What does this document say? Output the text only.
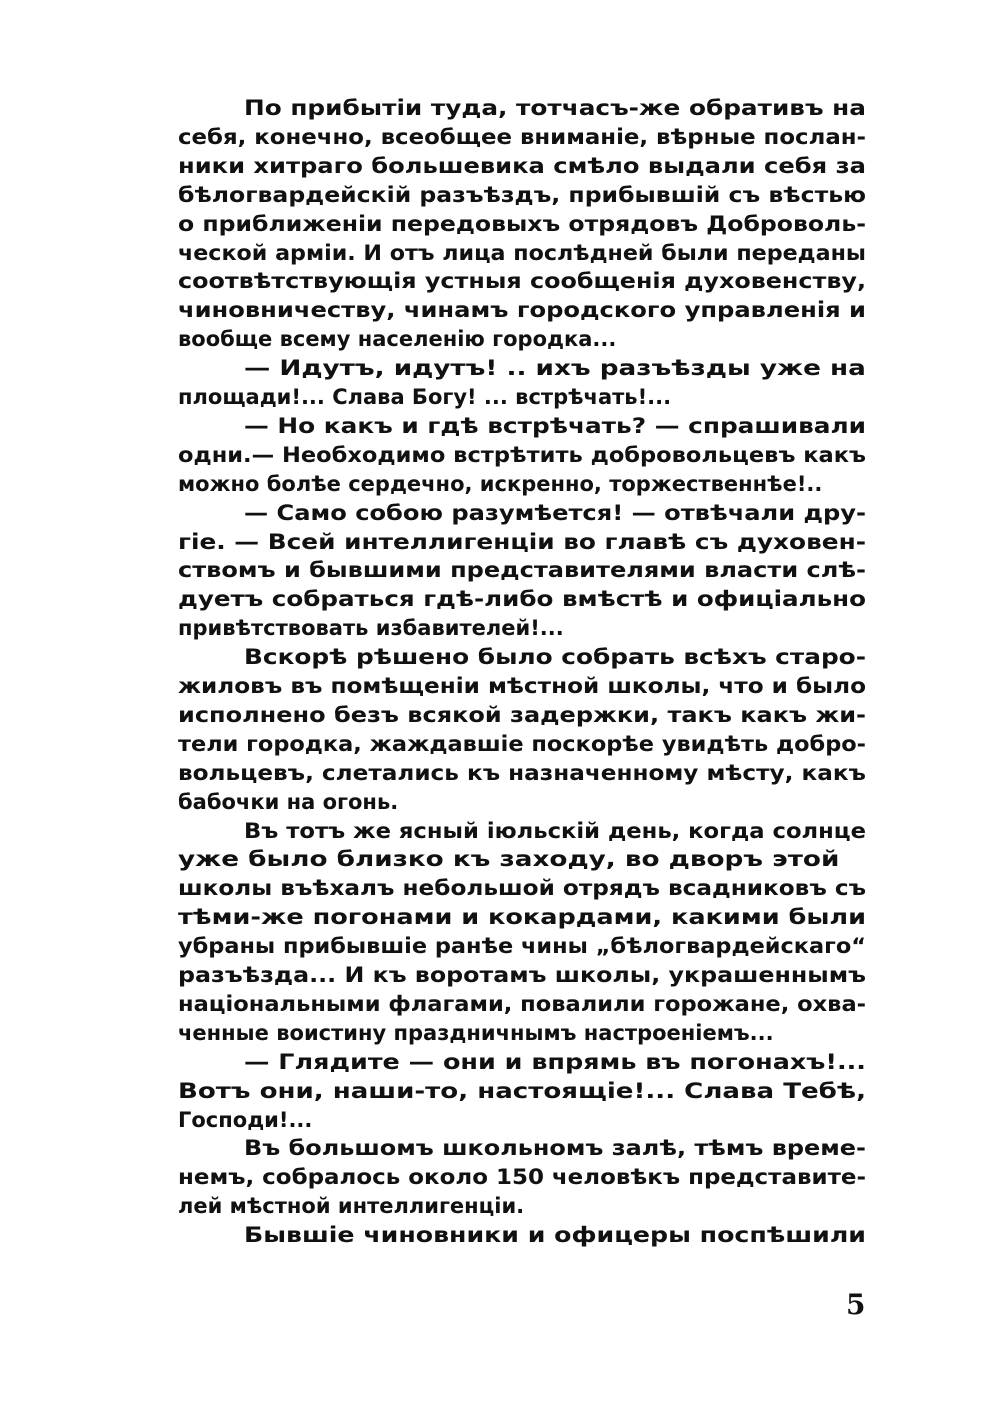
По прибытіи туда, тотчасъ-же обративъ на
себя, конечно, всеобщее вниманіе, вѣрные послан-
ники хитраго большевика смѣло выдали себя за
бѣлогвардейскій разъѣздъ, прибывшій съ вѣстью
о приближеніи передовыхъ отрядовъ Доброволь-
ческой арміи. И отъ лица послѣдней были переданы
соотвѣтствующія устныя сообщенія духовенству,
чиновничеству, чинамъ городского управленія и
вообще всему населенію городка...
— Идутъ, идутъ! .. ихъ разъѣзды уже на
площади!... Слава Богу! ... встрѣчать!...
— Но какъ и гдѣ встрѣчать? — спрашивали
одни.— Необходимо встрѣтить добровольцевъ какъ
можно болѣе сердечно, искренно, торжественнѣе!..
— Само собою разумѣется! — отвѣчали дру-
гіе. — Всей интеллигенціи во главѣ съ духовен-
ствомъ и бывшими представителями власти слѣ-
дуетъ собраться гдѣ-либо вмѣстѣ и офиціально
привѣтствовать избавителей!...
Вскорѣ рѣшено было собрать всѣхъ старо-
жиловъ въ помѣщеніи мѣстной школы, что и было
исполнено безъ всякой задержки, такъ какъ жи-
тели городка, жаждавшіе поскорѣе увидѣть добро-
вольцевъ, слетались къ назначенному мѣсту, какъ
бабочки на огонь.
Въ тотъ же ясный іюльскій день, когда солнце
уже было близко къ заходу, во дворъ этой
школы въѣхалъ небольшой отрядъ всадниковъ съ
тѣми-же погонами и кокардами, какими были
убраны прибывшіе ранѣе чины „бѣлогвардейскаго“
разъѣзда... И къ воротамъ школы, украшеннымъ
національными флагами, повалили горожане, охва-
ченные воистину праздничнымъ настроеніемъ...
— Глядите — они и впрямь въ погонахъ!...
Вотъ они, наши-то, настоящіе!... Слава Тебѣ,
Господи!...
Въ большомъ школьномъ залѣ, тѣмъ време-
немъ, собралось около 150 человѣкъ представите-
лей мѣстной интеллигенціи.
Бывшіе чиновники и офицеры поспѣшили
5
